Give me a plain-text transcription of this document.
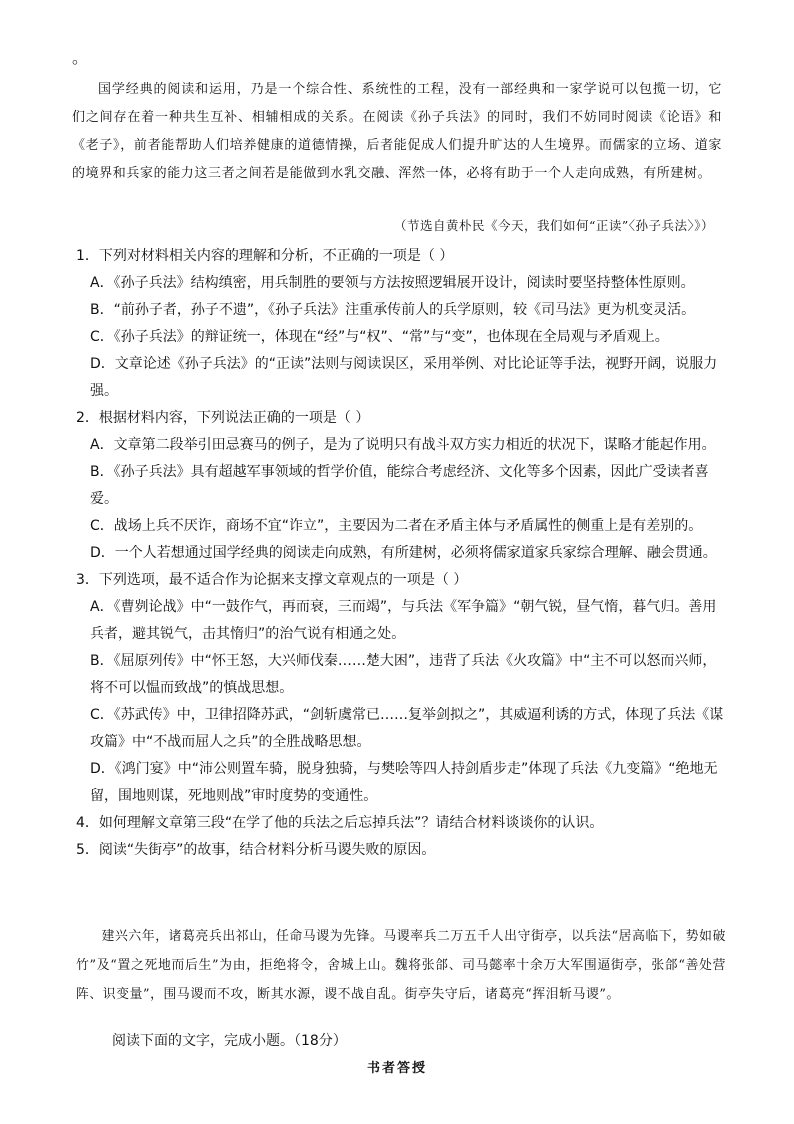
。
国学经典的阅读和运用，乃是一个综合性、系统性的工程，没有一部经典和一家学说可以包揽一切，它们之间存在着一种共生互补、相辅相成的关系。在阅读《孙子兵法》的同时，我们不妨同时阅读《论语》和《老子》，前者能帮助人们培养健康的道德情操，后者能促成人们提升旷达的人生境界。而儒家的立场、道家的境界和兵家的能力这三者之间若是能做到水乳交融、浑然一体，必将有助于一个人走向成熟，有所建树。
（节选自黄朴民《今天，我们如何“正读”〈孙子兵法〉》）

1．下列对材料相关内容的理解和分析，不正确的一项是（ ）

A．《孙子兵法》结构缜密，用兵制胜的要领与方法按照逻辑展开设计，阅读时要坚持整体性原则。

B．“前孙子者，孙子不遗”，《孙子兵法》注重承传前人的兵学原则，较《司马法》更为机变灵活。

C．《孙子兵法》的辩证统一，体现在“经”与“权”、“常”与“变”，也体现在全局观与矛盾观上。

D．文章论述《孙子兵法》的“正读”法则与阅读误区，采用举例、对比论证等手法，视野开阔，说服力强。

2．根据材料内容，下列说法正确的一项是（ ）

A．文章第二段举引田忌赛马的例子，是为了说明只有战斗双方实力相近的状况下，谋略才能起作用。

B．《孙子兵法》具有超越军事领域的哲学价值，能综合考虑经济、文化等多个因素，因此广受读者喜爱。

C．战场上兵不厌诈，商场不宜“诈立”，主要因为二者在矛盾主体与矛盾属性的侧重上是有差别的。

D．一个人若想通过国学经典的阅读走向成熟，有所建树，必须将儒家道家兵家综合理解、融会贯通。

3．下列选项，最不适合作为论据来支撑文章观点的一项是（ ）

A．《曹刿论战》中“一鼓作气，再而衰，三而竭”，与兵法《军争篇》“朝气锐，昼气惰，暮气归。善用兵者，避其锐气，击其惰归”的治气说有相通之处。

B．《屈原列传》中“怀王怒，大兴师伐秦……楚大困”，违背了兵法《火攻篇》中“主不可以怒而兴师，将不可以愠而致战”的慎战思想。

C．《苏武传》中，卫律招降苏武，“剑斩虞常已……复举剑拟之”，其威逼利诱的方式，体现了兵法《谋攻篇》中“不战而屈人之兵”的全胜战略思想。

D．《鸿门宴》中“沛公则置车骑，脱身独骑，与樊哙等四人持剑盾步走”体现了兵法《九变篇》“绝地无留，围地则谋，死地则战”审时度势的变通性。

4．如何理解文章第三段“在学了他的兵法之后忘掉兵法”？请结合材料谈谈你的认识。

5．阅读“失街亭”的故事，结合材料分析马谡失败的原因。

建兴六年，诸葛亮兵出祁山，任命马谡为先锋。马谡率兵二万五千人出守街亭，以兵法“居高临下，势如破竹”及“置之死地而后生”为由，拒绝将令，舍城上山。魏将张郃、司马懿率十余万大军围逼街亭，张郃“善处营阵、识变量”，围马谡而不攻，断其水源，谡不战自乱。街亭失守后，诸葛亮“挥泪斩马谡”。
阅读下面的文字，完成小题。（18分）
书者答授
